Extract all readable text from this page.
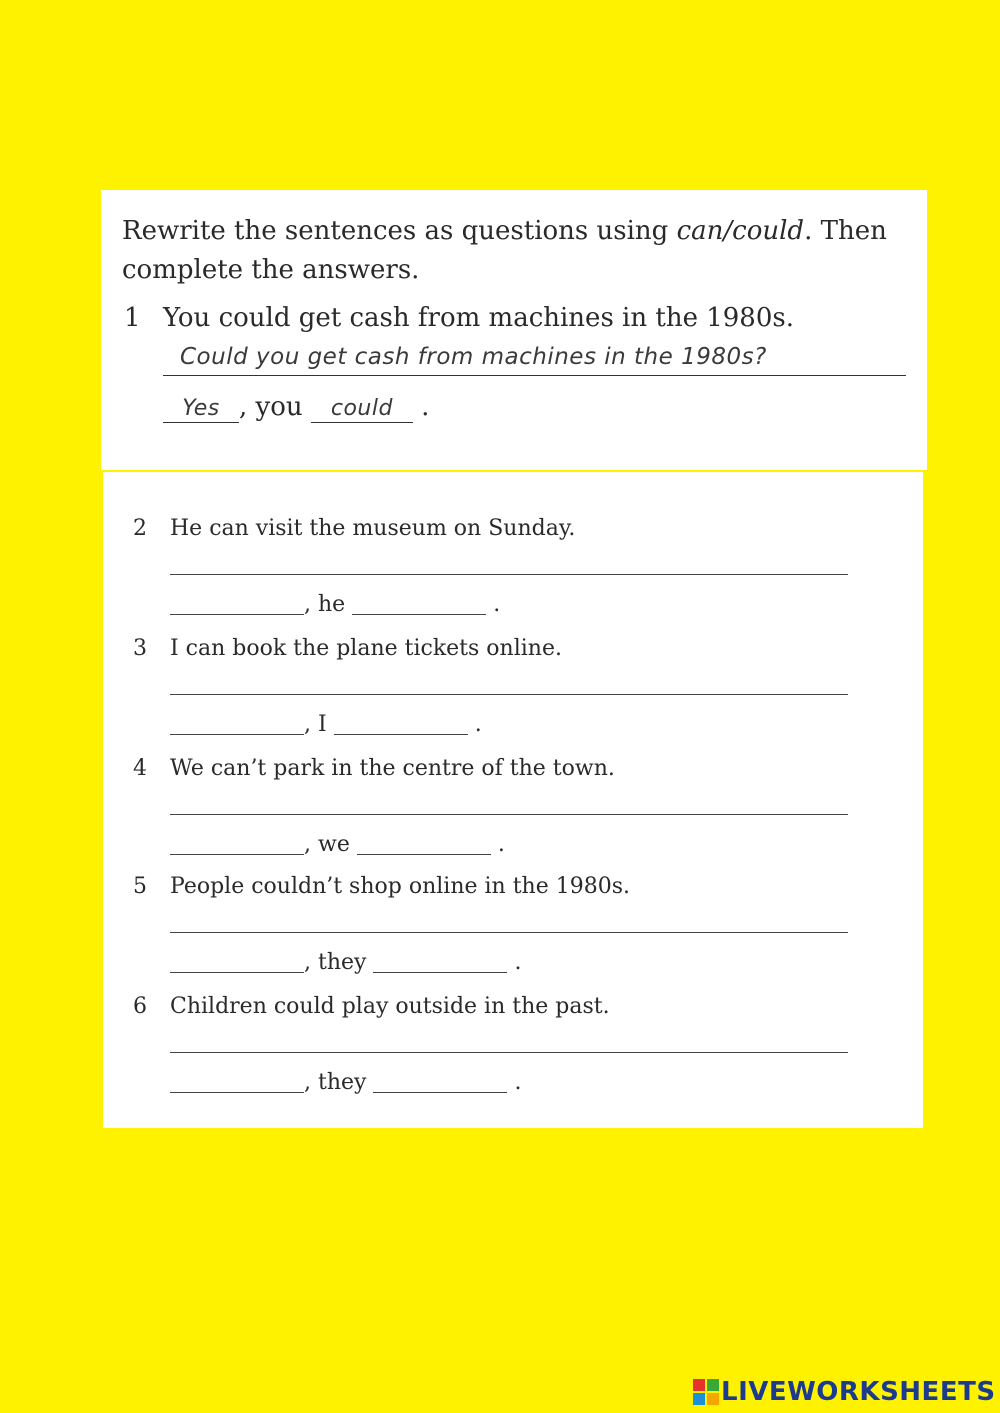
Rewrite the sentences as questions using can/could. Then complete the answers.

1 You could get cash from machines in the 1980s.
Could you get cash from machines in the 1980s?
Yes , you could .
2 He can visit the museum on Sunday.
, he	.
3 I can book the plane tickets online.
, I	.
4 We can’t park in the centre of the town.
, we	.
5 People couldn’t shop online in the 1980s.
, they	.
6 Children could play outside in the past.
, they	.
LIVEWORKSHEETS
